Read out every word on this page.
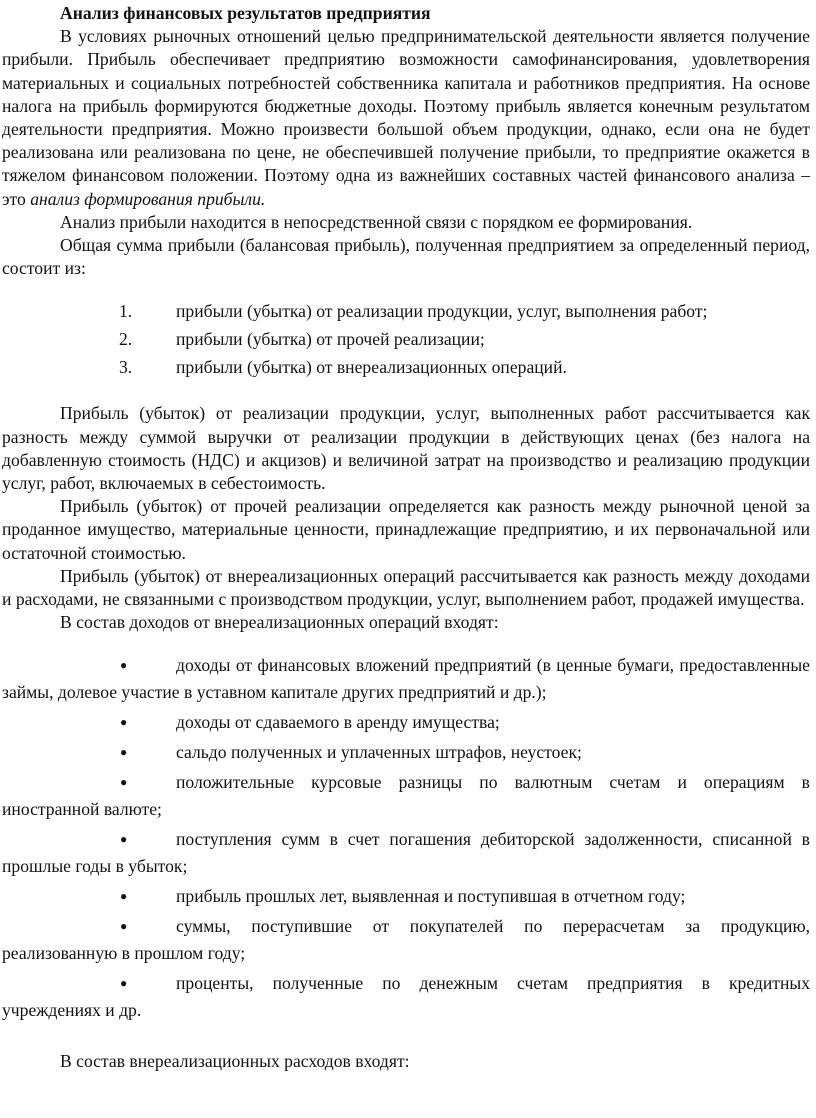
Анализ финансовых результатов предприятия

В условиях рыночных отношений целью предпринимательской деятельности является получение прибыли. Прибыль обеспечивает предприятию возможности самофинансирования, удовлетворения материальных и социальных потребностей собственника капитала и работников предприятия. На основе налога на прибыль формируются бюджетные доходы. Поэтому прибыль является конечным результатом деятельности предприятия. Можно произвести большой объем продукции, однако, если она не будет реализована или реализована по цене, не обеспечившей получение прибыли, то предприятие окажется в тяжелом финансовом положении. Поэтому одна из важнейших составных частей финансового анализа – это анализ формирования прибыли.

Анализ прибыли находится в непосредственной связи с порядком ее формирования.

Общая сумма прибыли (балансовая прибыль), полученная предприятием за определенный период, состоит из:

1. прибыли (убытка) от реализации продукции, услуг, выполнения работ;
2. прибыли (убытка) от прочей реализации;
3. прибыли (убытка) от внереализационных операций.

Прибыль (убыток) от реализации продукции, услуг, выполненных работ рассчитывается как разность между суммой выручки от реализации продукции в действующих ценах (без налога на добавленную стоимость (НДС) и акцизов) и величиной затрат на производство и реализацию продукции услуг, работ, включаемых в себестоимость.

Прибыль (убыток) от прочей реализации определяется как разность между рыночной ценой за проданное имущество, материальные ценности, принадлежащие предприятию, и их первоначальной или остаточной стоимостью.

Прибыль (убыток) от внереализационных операций рассчитывается как разность между доходами и расходами, не связанными с производством продукции, услуг, выполнением работ, продажей имущества.

В состав доходов от внереализационных операций входят:

●	доходы от финансовых вложений предприятий (в ценные бумаги, предоставленные займы, долевое участие в уставном капитале других предприятий и др.);
●	доходы от сдаваемого в аренду имущества;
●	сальдо полученных и уплаченных штрафов, неустоек;
●	положительные курсовые разницы по валютным счетам и операциям в иностранной валюте;
●	поступления сумм в счет погашения дебиторской задолженности, списанной в прошлые годы в убыток;
●	прибыль прошлых лет, выявленная и поступившая в отчетном году;
●	суммы, поступившие от покупателей по перерасчетам за продукцию, реализованную в прошлом году;
●	проценты, полученные по денежным счетам предприятия в кредитных учреждениях и др.

В состав внереализационных расходов входят:
